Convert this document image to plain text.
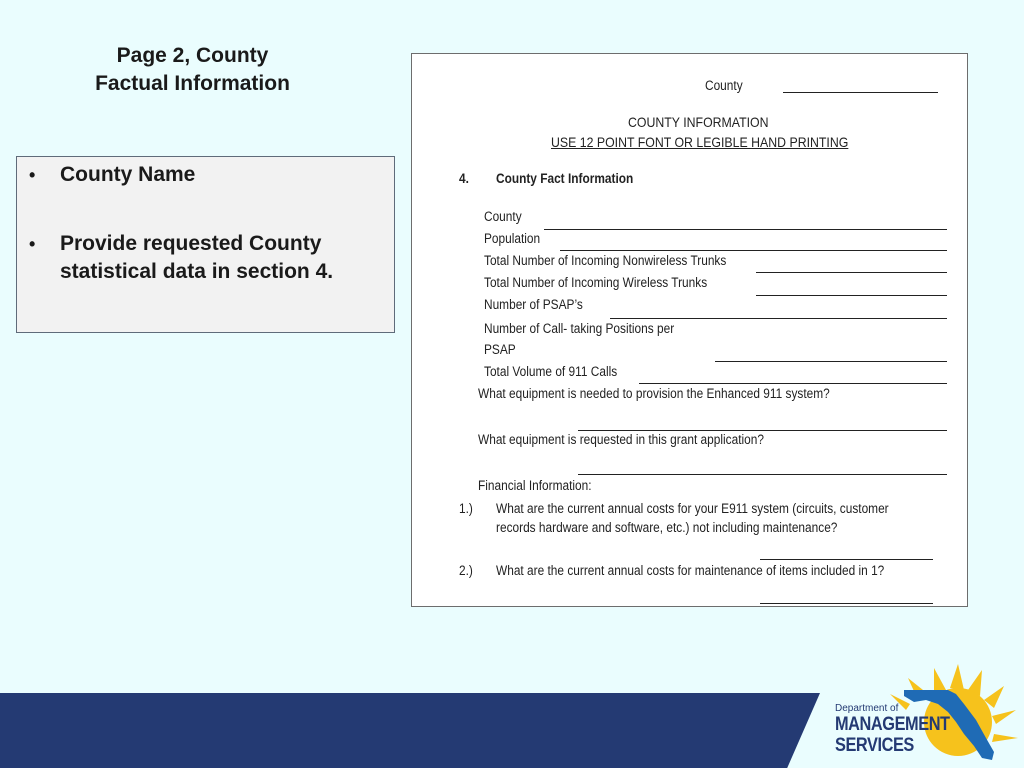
Page 2, County
Factual Information
• County Name
• Provide requested County statistical data in section 4.
County
COUNTY INFORMATION
USE 12 POINT FONT OR LEGIBLE HAND PRINTING
4. County Fact Information
County
Population
Total Number of Incoming Nonwireless Trunks
Total Number of Incoming Wireless Trunks
Number of PSAP’s
Number of Call- taking Positions per
PSAP
Total Volume of 911 Calls
What equipment is needed to provision the Enhanced 911 system?
What equipment is requested in this grant application?
Financial Information:
1.) What are the current annual costs for your E911 system (circuits, customer
records hardware and software, etc.) not including maintenance?
2.) What are the current annual costs for maintenance of items included in 1?
Department of
MANAGEMENT
SERVICES
